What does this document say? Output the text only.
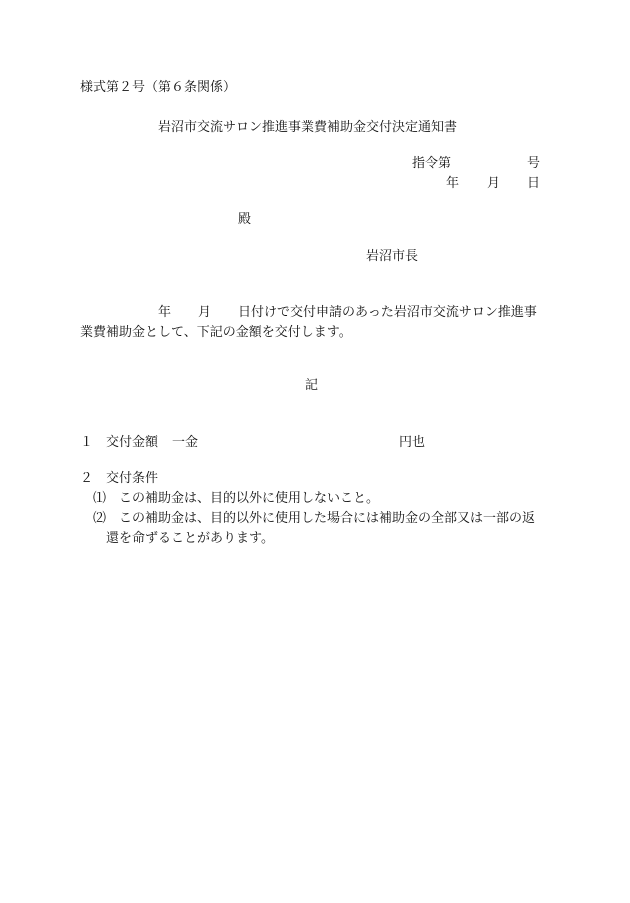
様式第２号（第６条関係）
岩沼市交流サロン推進事業費補助金交付決定通知書
指令第	号
年 月 日
殿
岩沼市長
年 月 日付けで交付申請のあった岩沼市交流サロン推進事
業費補助金として、下記の金額を交付します。
記
１ 交付金額 一金	円也
２ 交付条件
⑴ この補助金は、目的以外に使用しないこと。
⑵ この補助金は、目的以外に使用した場合には補助金の全部又は一部の返
還を命ずることがあります。
